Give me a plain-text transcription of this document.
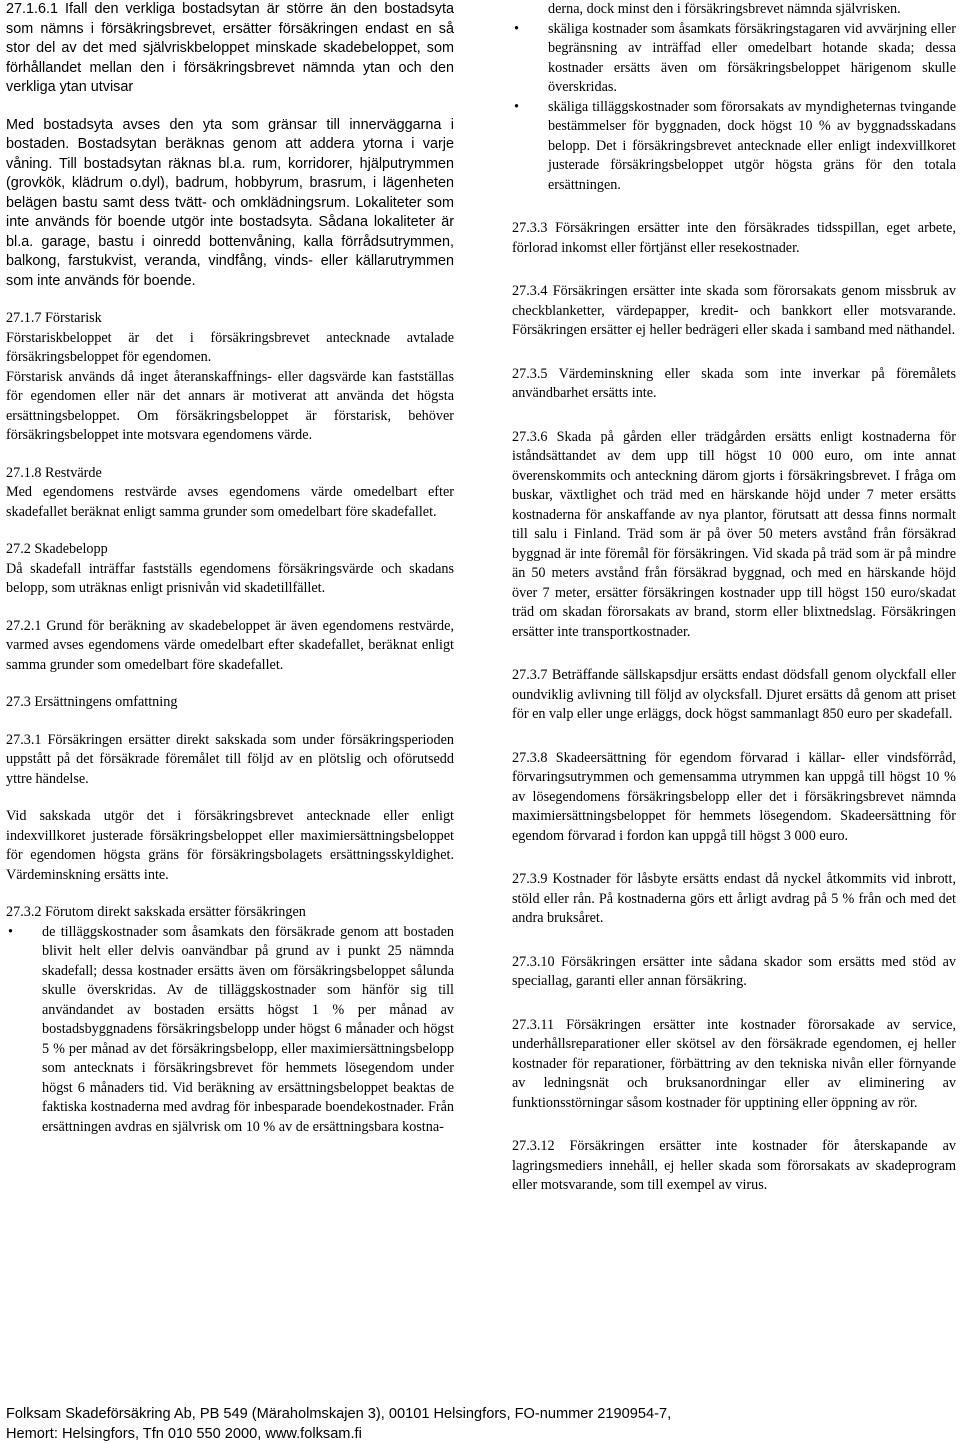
27.1.6.1 Ifall den verkliga bostadsytan är större än den bostadsyta som nämns i försäkringsbrevet, ersätter försäkringen endast en så stor del av det med självriskbeloppet minskade skadebeloppet, som förhållandet mellan den i försäkringsbrevet nämnda ytan och den verkliga ytan utvisar

Med bostadsyta avses den yta som gränsar till innerväggarna i bostaden. Bostadsytan beräknas genom att addera ytorna i varje våning. Till bostadsytan räknas bl.a. rum, korridorer, hjälputrymmen (grovkök, klädrum o.dyl), badrum, hobbyrum, brasrum, i lägenheten belägen bastu samt dess tvätt- och omklädningsrum. Lokaliteter som inte används för boende utgör inte bostadsyta. Sådana lokaliteter är bl.a. garage, bastu i oinredd bottenvåning, kalla förrådsutrymmen, balkong, farstukvist, veranda, vindfång, vinds- eller källarutrymmen som inte används för boende.

27.1.7 Förstarisk

Förstariskbeloppet är det i försäkringsbrevet antecknade avtalade försäkringsbeloppet för egendomen.

Förstarisk används då inget återanskaffnings- eller dagsvärde kan fastställas för egendomen eller när det annars är motiverat att använda det högsta ersättningsbeloppet. Om försäkringsbeloppet är förstarisk, behöver försäkringsbeloppet inte motsvara egendomens värde.

27.1.8 Restvärde

Med egendomens restvärde avses egendomens värde omedelbart efter skadefallet beräknat enligt samma grunder som omedelbart före skadefallet.

27.2 Skadebelopp

Då skadefall inträffar fastställs egendomens försäkringsvärde och skadans belopp, som uträknas enligt prisnivån vid skadetillfället.

27.2.1 Grund för beräkning av skadebeloppet är även egendomens restvärde, varmed avses egendomens värde omedelbart efter skadefallet, beräknat enligt samma grunder som omedelbart före skadefallet.

27.3 Ersättningens omfattning

27.3.1 Försäkringen ersätter direkt sakskada som under försäkringsperioden uppstått på det försäkrade föremålet till följd av en plötslig och oförutsedd yttre händelse.

Vid sakskada utgör det i försäkringsbrevet antecknade eller enligt indexvillkoret justerade försäkringsbeloppet eller maximiersättningsbeloppet för egendomen högsta gräns för försäkringsbolagets ersättningsskyldighet. Värdeminskning ersätts inte.

27.3.2 Förutom direkt sakskada ersätter försäkringen

• de tilläggskostnader som åsamkats den försäkrade genom att bostaden blivit helt eller delvis oanvändbar på grund av i punkt 25 nämnda skadefall; dessa kostnader ersätts även om försäkringsbeloppet sålunda skulle överskridas. Av de tilläggskostnader som hänför sig till användandet av bostaden ersätts högst 1 % per månad av bostadsbyggnadens försäkringsbelopp under högst 6 månader och högst 5 % per månad av det försäkringsbelopp, eller maximiersättningsbelopp som antecknats i försäkringsbrevet för hemmets lösegendom under högst 6 månaders tid. Vid beräkning av ersättningsbeloppet beaktas de faktiska kostnaderna med avdrag för inbesparade boendekostnader. Från ersättningen avdras en självrisk om 10 % av de ersättningsbara kostna-
derna, dock minst den i försäkringsbrevet nämnda självrisken.
• skäliga kostnader som åsamkats försäkringstagaren vid avvärjning eller begränsning av inträffad eller omedelbart hotande skada; dessa kostnader ersätts även om försäkringsbeloppet härigenom skulle överskridas.
• skäliga tilläggskostnader som förorsakats av myndigheternas tvingande bestämmelser för byggnaden, dock högst 10 % av byggnadsskadans belopp. Det i försäkringsbrevet antecknade eller enligt indexvillkoret justerade försäkringsbeloppet utgör högsta gräns för den totala ersättningen.

27.3.3 Försäkringen ersätter inte den försäkrades tidsspillan, eget arbete, förlorad inkomst eller förtjänst eller resekostnader.

27.3.4 Försäkringen ersätter inte skada som förorsakats genom missbruk av checkblanketter, värdepapper, kredit- och bankkort eller motsvarande. Försäkringen ersätter ej heller bedrägeri eller skada i samband med näthandel.

27.3.5 Värdeminskning eller skada som inte inverkar på föremålets användbarhet ersätts inte.

27.3.6 Skada på gården eller trädgården ersätts enligt kostnaderna för iståndsättandet av dem upp till högst 10 000 euro, om inte annat överenskommits och anteckning därom gjorts i försäkringsbrevet. I fråga om buskar, växtlighet och träd med en härskande höjd under 7 meter ersätts kostnaderna för anskaffande av nya plantor, förutsatt att dessa finns normalt till salu i Finland. Träd som är på över 50 meters avstånd från försäkrad byggnad är inte föremål för försäkringen. Vid skada på träd som är på mindre än 50 meters avstånd från försäkrad byggnad, och med en härskande höjd över 7 meter, ersätter försäkringen kostnader upp till högst 150 euro/skadat träd om skadan förorsakats av brand, storm eller blixtnedslag. Försäkringen ersätter inte transportkostnader.

27.3.7 Beträffande sällskapsdjur ersätts endast dödsfall genom olyckfall eller oundviklig avlivning till följd av olycksfall. Djuret ersätts då genom att priset för en valp eller unge erläggs, dock högst sammanlagt 850 euro per skadefall.

27.3.8 Skadeersättning för egendom förvarad i källar- eller vindsförråd, förvaringsutrymmen och gemensamma utrymmen kan uppgå till högst 10 % av lösegendomens försäkringsbelopp eller det i försäkringsbrevet nämnda maximiersättningsbeloppet för hemmets lösegendom. Skadeersättning för egendom förvarad i fordon kan uppgå till högst 3 000 euro.

27.3.9 Kostnader för låsbyte ersätts endast då nyckel åtkommits vid inbrott, stöld eller rån. På kostnaderna görs ett årligt avdrag på 5 % från och med det andra bruksåret.

27.3.10 Försäkringen ersätter inte sådana skador som ersätts med stöd av speciallag, garanti eller annan försäkring.

27.3.11 Försäkringen ersätter inte kostnader förorsakade av service, underhållsreparationer eller skötsel av den försäkrade egendomen, ej heller kostnader för reparationer, förbättring av den tekniska nivån eller förnyande av ledningsnät och bruksanordningar eller av eliminering av funktionsstörningar såsom kostnader för upptining eller öppning av rör.

27.3.12 Försäkringen ersätter inte kostnader för återskapande av lagringsmediers innehåll, ej heller skada som förorsakats av skadeprogram eller motsvarande, som till exempel av virus.

Folksam Skadeförsäkring Ab, PB 549 (Märaholmskajen 3), 00101 Helsingfors, FO-nummer 2190954-7,

Hemort: Helsingfors, Tfn 010 550 2000, www.folksam.fi
